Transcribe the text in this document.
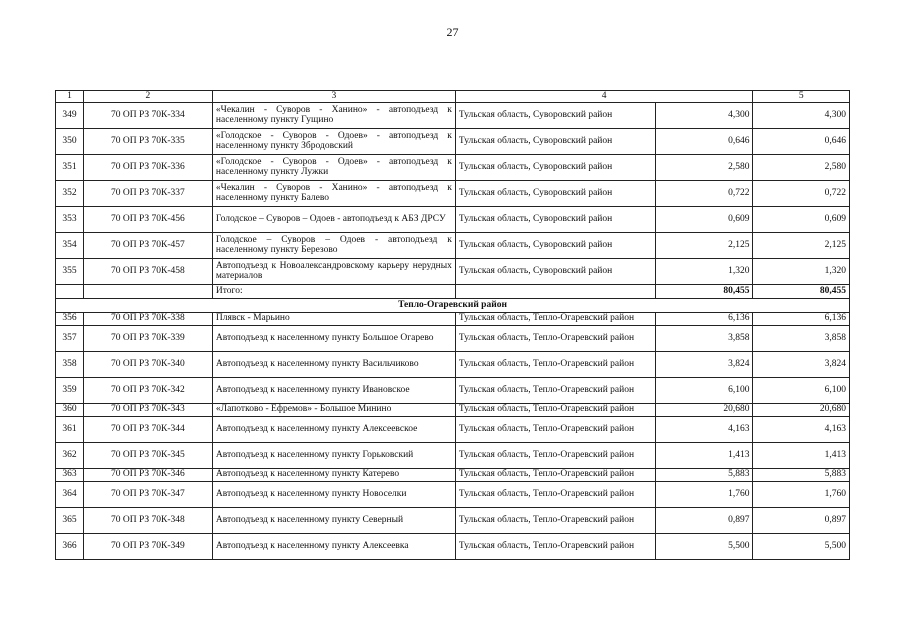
27
1	2	3	4		5
349	70 ОП РЗ 70К-334	«Чекалин - Суворов - Ханино» - автоподъезд к населенному пункту Гущино	Тульская область, Суворовский район	4,300	4,300
350	70 ОП РЗ 70К-335	«Голодское - Суворов - Одоев» - автоподъезд к населенному пункту Збродовский	Тульская область, Суворовский район	0,646	0,646
351	70 ОП РЗ 70К-336	«Голодское - Суворов - Одоев» - автоподъезд к населенному пункту Лужки	Тульская область, Суворовский район	2,580	2,580
352	70 ОП РЗ 70К-337	«Чекалин - Суворов - Ханино» - автоподъезд к населенному пункту Балево	Тульская область, Суворовский район	0,722	0,722
353	70 ОП РЗ 70К-456	Голодское – Суворов – Одоев - автоподъезд к АБЗ ДРСУ	Тульская область, Суворовский район	0,609	0,609
354	70 ОП РЗ 70К-457	Голодское – Суворов – Одоев - автоподъезд к населенному пункту Березово	Тульская область, Суворовский район	2,125	2,125
355	70 ОП РЗ 70К-458	Автоподъезд к Новоалександровскому карьеру нерудных материалов	Тульская область, Суворовский район	1,320	1,320
		Итого:		80,455	80,455
Тепло-Огаревский район					
356	70 ОП РЗ 70К-338	Плявск - Марьино	Тульская область, Тепло-Огаревский район	6,136	6,136
357	70 ОП РЗ 70К-339	Автоподъезд к населенному пункту Большое Огарево	Тульская область, Тепло-Огаревский район	3,858	3,858
358	70 ОП РЗ 70К-340	Автоподъезд к населенному пункту Васильчиково	Тульская область, Тепло-Огаревский район	3,824	3,824
359	70 ОП РЗ 70К-342	Автоподъезд к населенному пункту Ивановское	Тульская область, Тепло-Огаревский район	6,100	6,100
360	70 ОП РЗ 70К-343	«Лапотково - Ефремов» - Большое Минино	Тульская область, Тепло-Огаревский район	20,680	20,680
361	70 ОП РЗ 70К-344	Автоподъезд к населенному пункту Алексеевское	Тульская область, Тепло-Огаревский район	4,163	4,163
362	70 ОП РЗ 70К-345	Автоподъезд к населенному пункту Горьковский	Тульская область, Тепло-Огаревский район	1,413	1,413
363	70 ОП РЗ 70К-346	Автоподъезд к населенному пункту Катерево	Тульская область, Тепло-Огаревский район	5,883	5,883
364	70 ОП РЗ 70К-347	Автоподъезд к населенному пункту Новоселки	Тульская область, Тепло-Огаревский район	1,760	1,760
365	70 ОП РЗ 70К-348	Автоподъезд к населенному пункту Северный	Тульская область, Тепло-Огаревский район	0,897	0,897
366	70 ОП РЗ 70К-349	Автоподъезд к населенному пункту Алексеевка	Тульская область, Тепло-Огаревский район	5,500	5,500
